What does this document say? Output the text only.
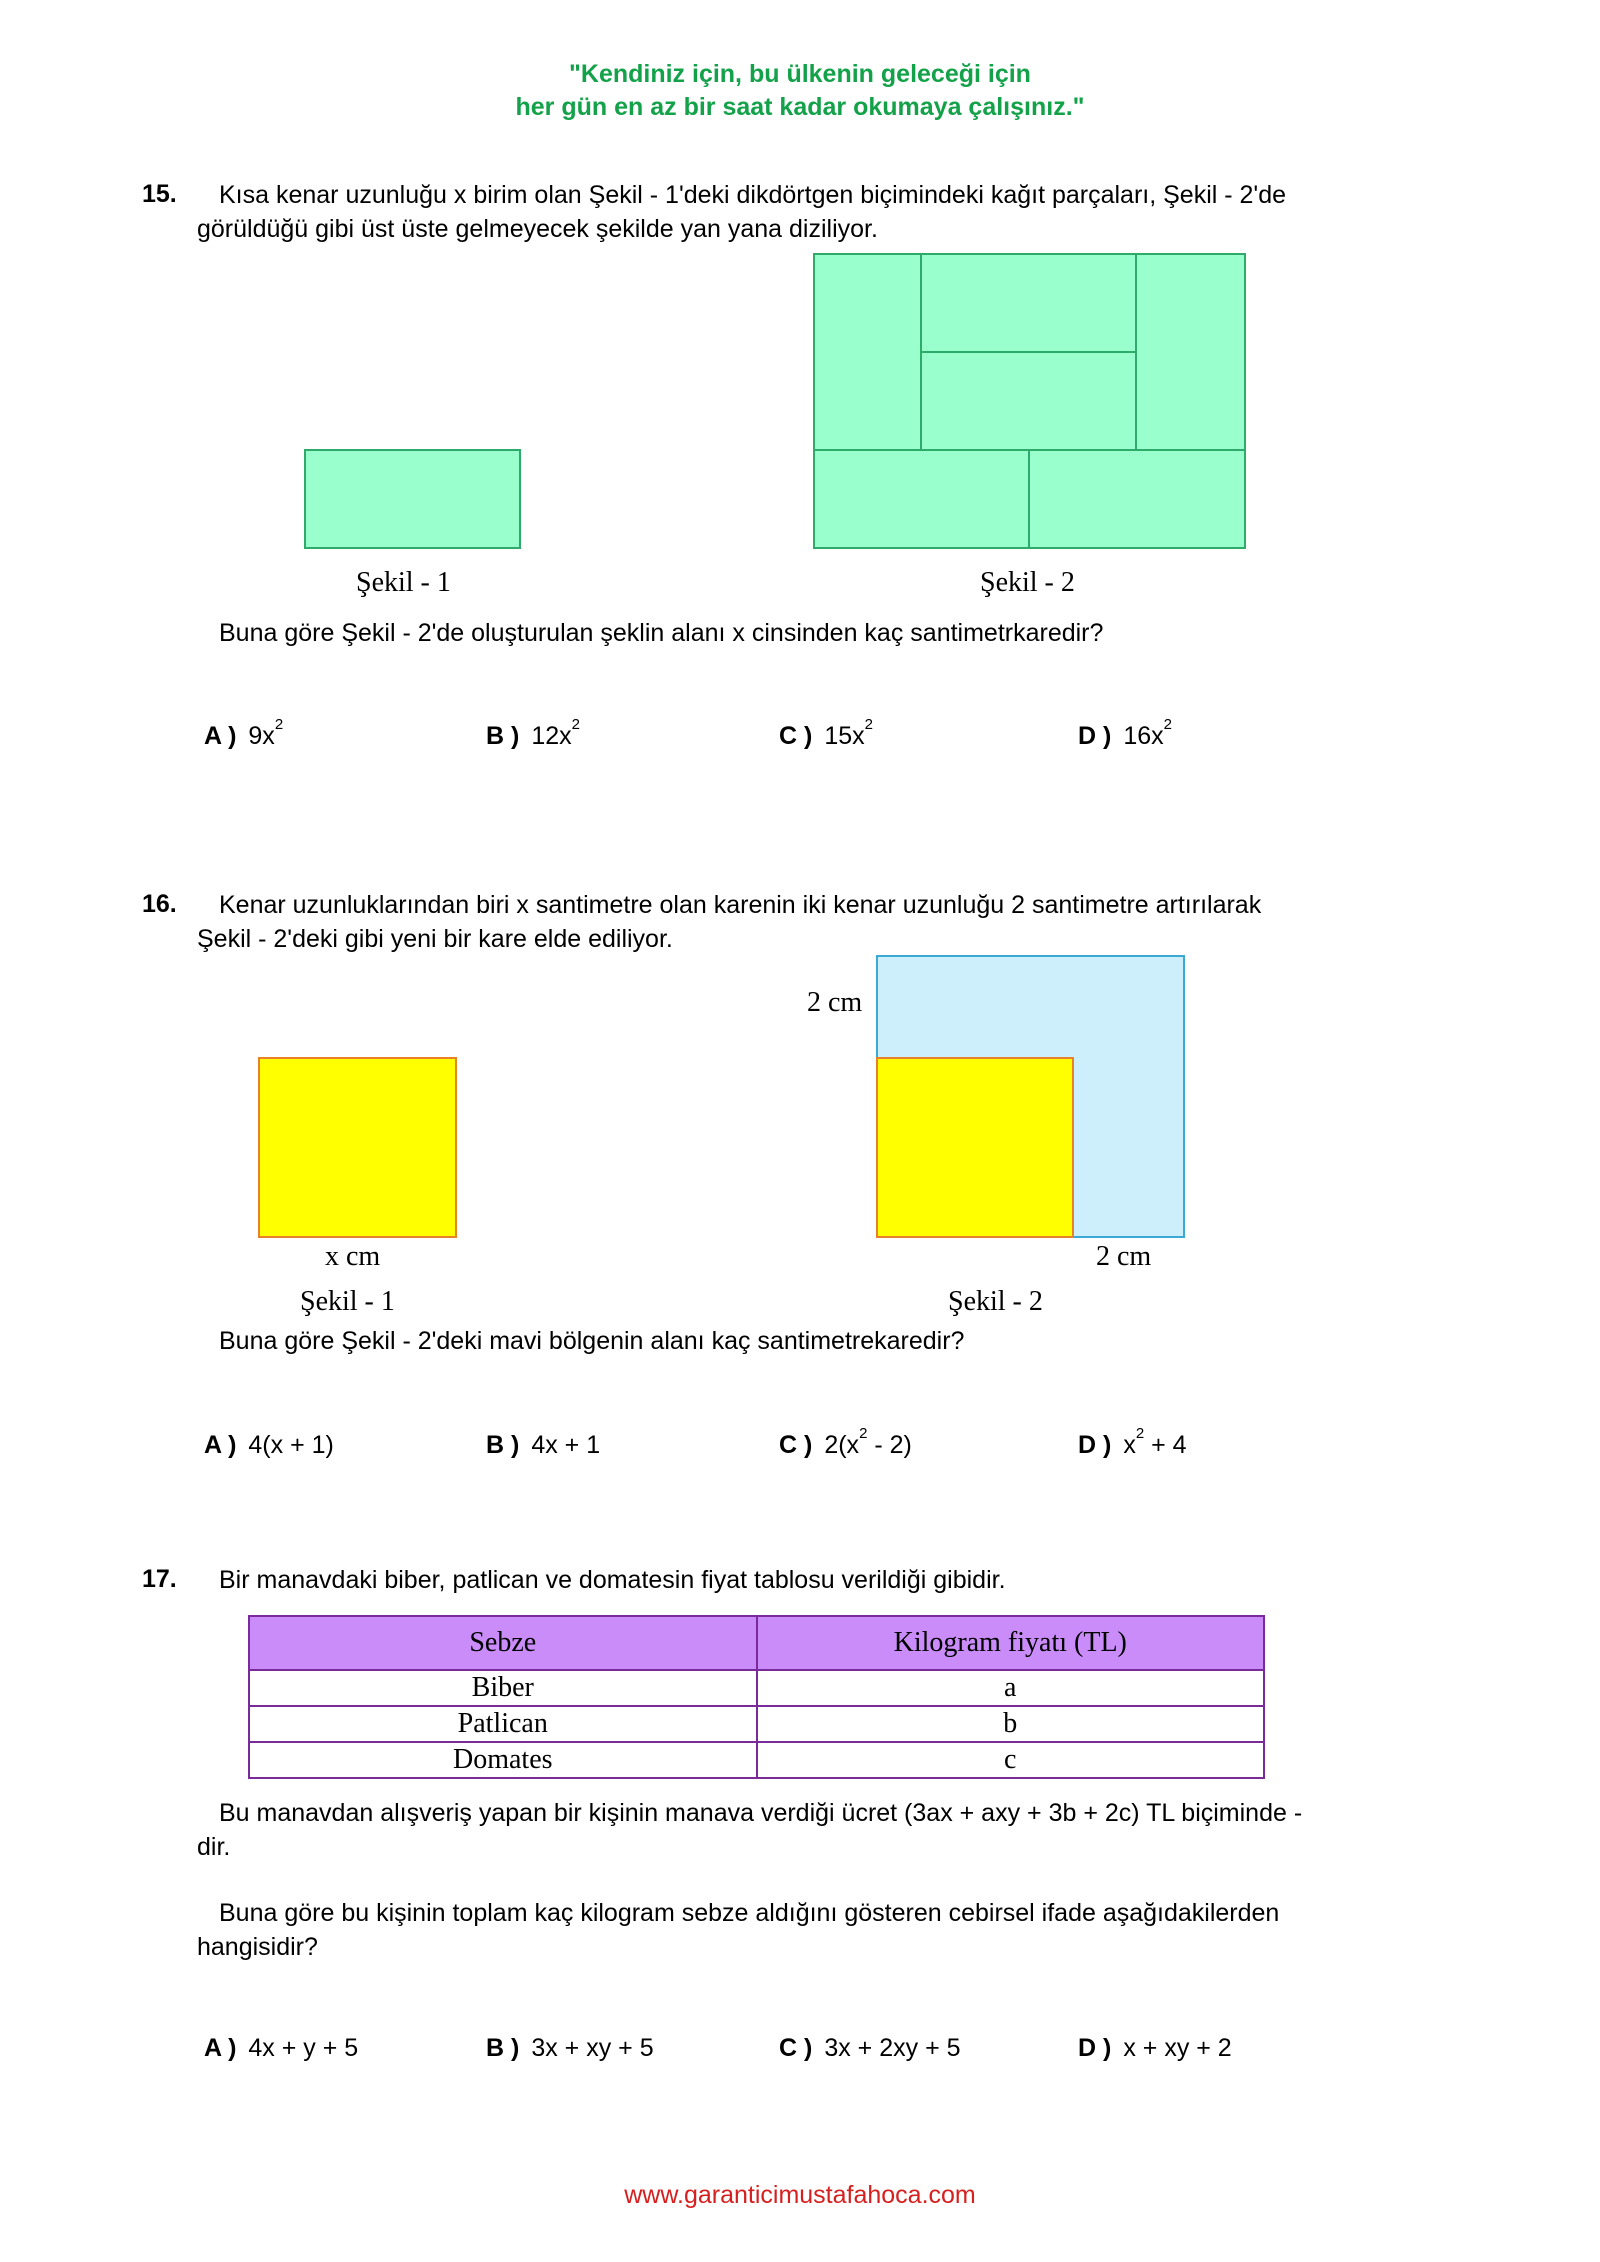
"Kendiniz için, bu ülkenin geleceği için
her gün en az bir saat kadar okumaya çalışınız."
15. Kısa kenar uzunluğu x birim olan Şekil - 1'deki dikdörtgen biçimindeki kağıt parçaları, Şekil - 2'de
görüldüğü gibi üst üste gelmeyecek şekilde yan yana diziliyor.
Şekil - 1	Şekil - 2
Buna göre Şekil - 2'de oluşturulan şeklin alanı x cinsinden kaç santimetrkaredir?
A ) $9x^2$	B ) $12x^2$	C ) $15x^2$	D ) $16x^2$
16. Kenar uzunluklarından biri x santimetre olan karenin iki kenar uzunluğu 2 santimetre artırılarak
Şekil - 2'deki gibi yeni bir kare elde ediliyor.
2 cm
x cm	2 cm
Şekil - 1	Şekil - 2
Buna göre Şekil - 2'deki mavi bölgenin alanı kaç santimetrekaredir?
A ) 4(x + 1)	B ) 4x + 1	C ) $2(x^2 - 2)$	D ) $x^2 + 4$
17. Bir manavdaki biber, patlican ve domatesin fiyat tablosu verildiği gibidir.
Sebze	Kilogram fiyatı (TL)
Biber	a
Patlican	b
Domates	c
Bu manavdan alışveriş yapan bir kişinin manava verdiği ücret (3ax + axy + 3b + 2c) TL biçiminde -
dir.
Buna göre bu kişinin toplam kaç kilogram sebze aldığını gösteren cebirsel ifade aşağıdakilerden
hangisidir?
A ) 4x + y + 5	B ) 3x + xy + 5	C ) 3x + 2xy + 5	D ) x + xy + 2
www.garanticimustafahoca.com
